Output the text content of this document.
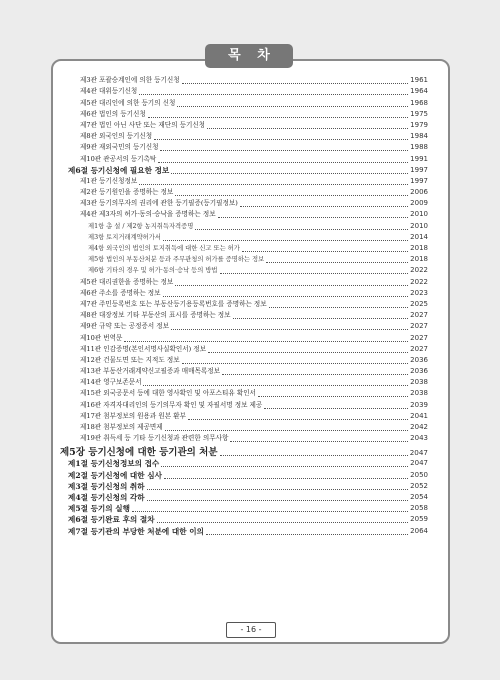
목 차
제3관 포괄승계인에 의한 등기신청	1961
제4관 대위등기신청	1964
제5관 대리인에 의한 등기의 신청	1968
제6관 법인의 등기신청	1975
제7관 법인 아닌 사단 또는 재단의 등기신청	1979
제8관 외국인의 등기신청	1984
제9관 재외국민의 등기신청	1988
제10관 관공서의 등기촉탁	1991
제6절 등기신청에 필요한 정보	1997
제1관 등기신청정보	1997
제2관 등기원인을 증명하는 정보	2006
제3관 등기의무자의 권리에 관한 등기필증(등기필정보)	2009
제4관 제3자의 허가·동의·승낙을 증명하는 정보	2010
제1항 총 설 / 제2항 농지취득자격증명	2010
제3항 토지거래계약허가서	2014
제4항 외국인의 법인의 토지취득에 대한 신고 또는 허가	2018
제5항 법인의 부동산처분 등과 주무관청의 허가를 증명하는 정보	2018
제6항 기타의 경우 및 허가·동의·승낙 등의 방법	2022
제5관 대리권한을 증명하는 정보	2022
제6관 주소를 증명하는 정보	2023
제7관 주민등록번호 또는 부동산등기용등록번호를 증명하는 정보	2025
제8관 대장정보 기타 부동산의 표시를 증명하는 정보	2027
제9관 규약 또는 공정증서 정보	2027
제10관 번역문	2027
제11관 인감증명(본인서명사실확인서) 정보	2027
제12관 건물도면 또는 지적도 정보	2036
제13관 부동산거래계약신고필증과 매매목록정보	2036
제14관 영구보존문서	2038
제15관 외국공문서 등에 대한 영사확인 및 아포스티유 확인서	2038
제16관 자격자대리인의 등기의무자 확인 및 자필서명 정보 제공	2039
제17관 첨부정보의 원용과 원본 환부	2041
제18관 첨부정보의 제공면제	2042
제19관 취득세 등 기타 등기신청과 관련한 의무사항	2043
제5장 등기신청에 대한 등기관의 처분	2047
제1절 등기신청정보의 접수	2047
제2절 등기신청에 대한 심사	2050
제3절 등기신청의 취하	2052
제4절 등기신청의 각하	2054
제5절 등기의 실행	2058
제6절 등기완료 후의 절차	2059
제7절 등기관의 부당한 처분에 대한 이의	2064
- 16 -
